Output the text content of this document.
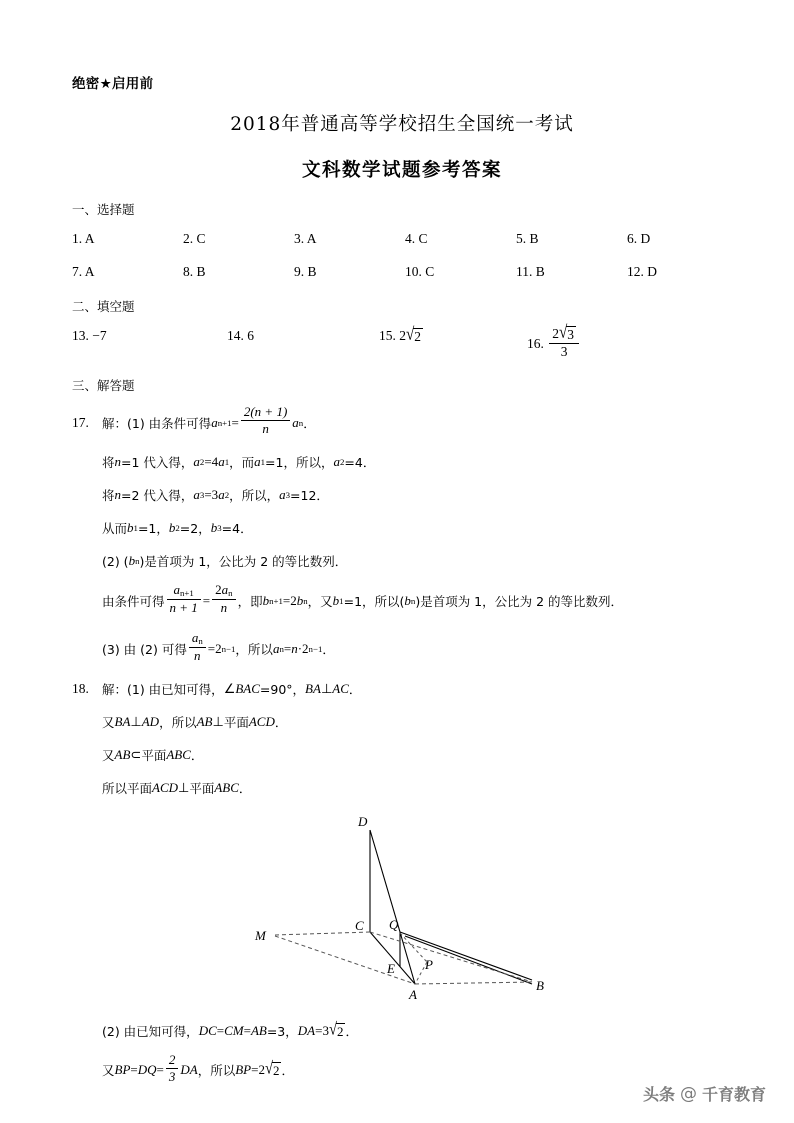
绝密★启用前
2018年普通高等学校招生全国统一考试
文科数学试题参考答案
一、选择题
1. A	2. C	3. A	4. C	5. B	6. D
7. A	8. B	9. B	10. C	11. B	12. D
二、填空题
13. −7	14. 6	15. 2 √ 2	16. $\frac{2 √ 3}{3}$
三、解答题
17.	解：(1) 由条件可得 a $n+1 = \frac{2(n + 1)}{n}$ a n ．
将 n =1 代入得， a 2 =4 a 1 ，而 a 1 =1，所以， a 2 =4．
将 n =2 代入得， a 3 =3 a 2 ，所以， a 3 =12．
从而 b 1 =1， b 2 =2， b 3 =4．
(2) ( b n )是首项为 1，公比为 2 的等比数列．
由条件可得 $\frac{a_{n+1}}{n + 1} = \frac{2a_n}{n}$ ，即 b n+1 =2 b n ，又 b 1 =1，所以( b n )是首项为 1，公比为 2 的等比数列．
(3) 由 (2) 可得 $\frac{a_n}{n} = 2$ n−1 ，所以 a n = n · 2 n−1 ．
18.	解：(1) 由已知可得， ∠ BAC =90°， BA ⊥ AC ．
又 BA ⊥ AD ，所以 AB ⊥ 平面 ACD ．
又 AB ⊂ 平面 ABC ．
所以平面 ACD ⊥ 平面 ABC ．
D
C Q
M
E P
A
B
(2) 由已知可得， DC = CM = AB =3， DA =3 √ 2 ．
又 BP = DQ = $\frac{2}{3}$ DA ，所以 BP = 2 √ 2 ．
头条 @ 千育教育
